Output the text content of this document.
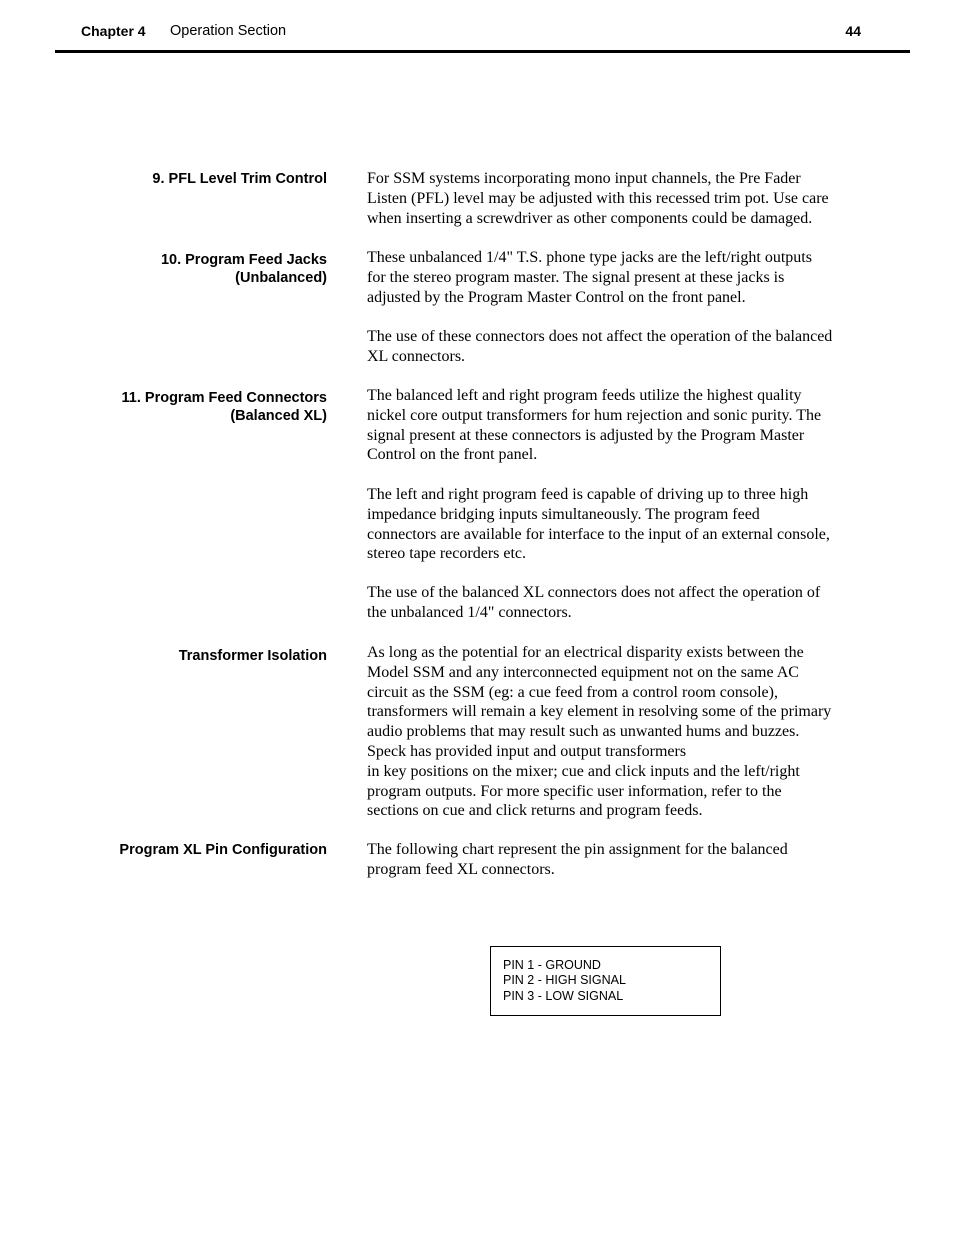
Chapter 4 Operation Section	44
9. PFL Level Trim Control	For SSM systems incorporating mono input channels, the Pre Fader
Listen (PFL) level may be adjusted with this recessed trim pot. Use care
when inserting a screwdriver as other components could be damaged.
10. Program Feed Jacks
(Unbalanced)
These unbalanced 1/4" T.S. phone type jacks are the left/right outputs
for the stereo program master. The signal present at these jacks is
adjusted by the Program Master Control on the front panel.
The use of these connectors does not affect the operation of the balanced
XL connectors.
11. Program Feed Connectors
(Balanced XL)
The balanced left and right program feeds utilize the highest quality
nickel core output transformers for hum rejection and sonic purity. The
signal present at these connectors is adjusted by the Program Master
Control on the front panel.
The left and right program feed is capable of driving up to three high
impedance bridging inputs simultaneously. The program feed
connectors are available for interface to the input of an external console,
stereo tape recorders etc.
The use of the balanced XL connectors does not affect the operation of
the unbalanced 1/4" connectors.
Transformer Isolation	As long as the potential for an electrical disparity exists between the
Model SSM and any interconnected equipment not on the same AC
circuit as the SSM (eg: a cue feed from a control room console),
transformers will remain a key element in resolving some of the primary
audio problems that may result such as unwanted hums and buzzes.
Speck has provided input and output transformers
in key positions on the mixer; cue and click inputs and the left/right
program outputs. For more specific user information, refer to the
sections on cue and click returns and program feeds.
Program XL Pin Configuration	The following chart represent the pin assignment for the balanced
program feed XL connectors.
PIN 1 - GROUND
PIN 2 - HIGH SIGNAL
PIN 3 - LOW SIGNAL
